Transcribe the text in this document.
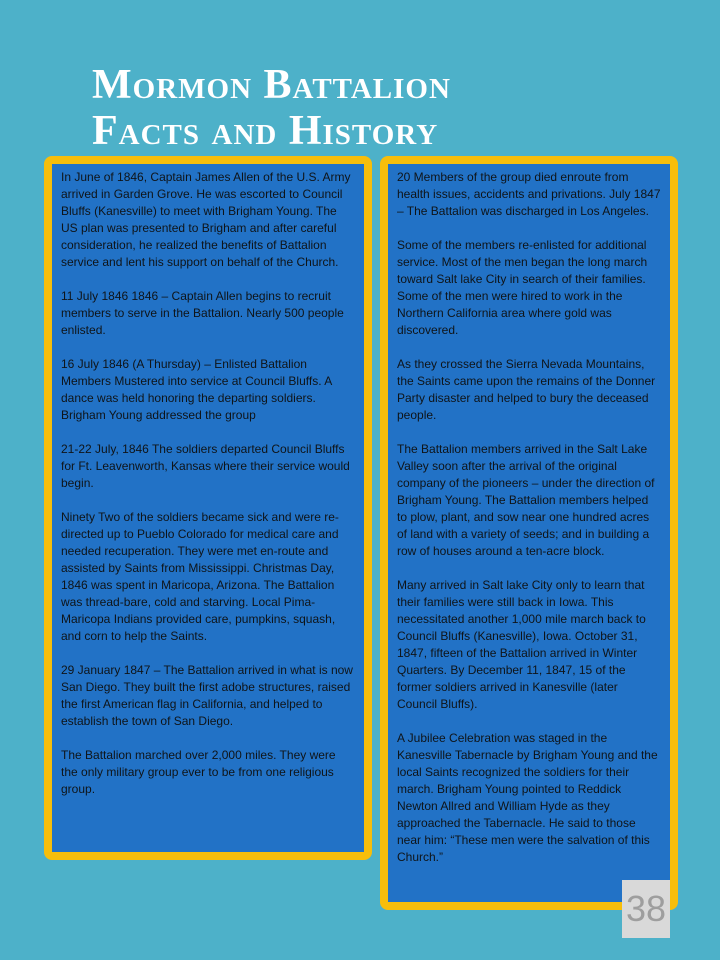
Mormon Battalion
Facts and History

In June of 1846, Captain James Allen of the U.S. Army arrived in Garden Grove. He was escorted to Council Bluffs (Kanesville) to meet with Brigham Young. The US plan was presented to Brigham and after careful consideration, he realized the benefits of Battalion service and lent his support on behalf of the Church.

11 July 1846 1846 – Captain Allen begins to recruit members to serve in the Battalion. Nearly 500 people enlisted.

16 July 1846 (A Thursday) – Enlisted Battalion Members Mustered into service at Council Bluffs. A dance was held honoring the departing soldiers. Brigham Young addressed the group

21-22 July, 1846 The soldiers departed Council Bluffs for Ft. Leavenworth, Kansas where their service would begin.

Ninety Two of the soldiers became sick and were re-directed up to Pueblo Colorado for medical care and needed recuperation. They were met en-route and assisted by Saints from Mississippi. Christmas Day, 1846 was spent in Maricopa, Arizona. The Battalion was thread-bare, cold and starving. Local Pima-Maricopa Indians provided care, pumpkins, squash, and corn to help the Saints.

29 January 1847 – The Battalion arrived in what is now San Diego. They built the first adobe structures, raised the first American flag in California, and helped to establish the town of San Diego.

The Battalion marched over 2,000 miles. They were the only military group ever to be from one religious group.

20 Members of the group died enroute from health issues, accidents and privations. July 1847 – The Battalion was discharged in Los Angeles.

Some of the members re-enlisted for additional service. Most of the men began the long march toward Salt lake City in search of their families. Some of the men were hired to work in the Northern California area where gold was discovered.

As they crossed the Sierra Nevada Mountains, the Saints came upon the remains of the Donner Party disaster and helped to bury the deceased people.

The Battalion members arrived in the Salt Lake Valley soon after the arrival of the original company of the pioneers – under the direction of Brigham Young. The Battalion members helped to plow, plant, and sow near one hundred acres of land with a variety of seeds; and in building a row of houses around a ten-acre block.

Many arrived in Salt lake City only to learn that their families were still back in Iowa. This necessitated another 1,000 mile march back to Council Bluffs (Kanesville), Iowa. October 31, 1847, fifteen of the Battalion arrived in Winter Quarters. By December 11, 1847, 15 of the former soldiers arrived in Kanesville (later Council Bluffs).

A Jubilee Celebration was staged in the Kanesville Tabernacle by Brigham Young and the local Saints recognized the soldiers for their march. Brigham Young pointed to Reddick Newton Allred and William Hyde as they approached the Tabernacle. He said to those near him: “These men were the salvation of this Church.”

38
